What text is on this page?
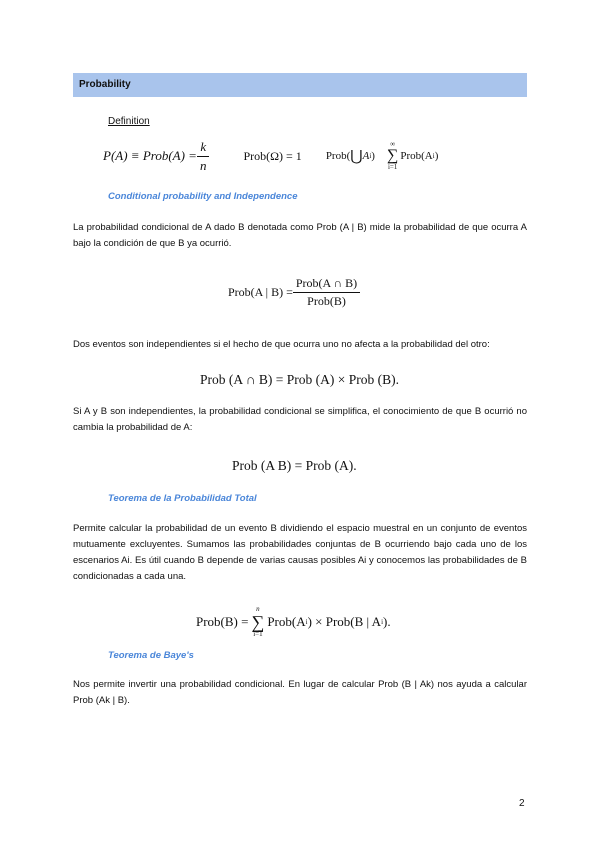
Probability
Definition
P(A) ≡ Prob(A) = $\frac{k}{n}$	Prob(Ω) = 1 Prob( ⋃ A i )
∞
∑
i=1
Prob(A i )
Conditional probability and Independence
La probabilidad condicional de A dado B denotada como Prob (A | B) mide la probabilidad de que ocurra A bajo la condición de que B ya ocurrió.
Prob(A | $B) = \frac{\text{Prob(A ∩ B)}}{\text{Prob(B)}}$
Dos eventos son independientes si el hecho de que ocurra uno no afecta a la probabilidad del otro:
Prob (A ∩ B) = Prob (A) × Prob (B).
Si A y B son independientes, la probabilidad condicional se simplifica, el conocimiento de que B ocurrió no cambia la probabilidad de A:
Prob (A B) = Prob (A).
Teorema de la Probabilidad Total
Permite calcular la probabilidad de un evento B dividiendo el espacio muestral en un conjunto de eventos mutuamente excluyentes. Sumamos las probabilidades conjuntas de B ocurriendo bajo cada uno de los escenarios Ai. Es útil cuando B depende de varias causas posibles Ai y conocemos las probabilidades de B condicionadas a cada una.
Prob(B) =
n
∑
i=1
Prob(A i ) × Prob(B | A i ).
Teorema de Baye's
Nos permite invertir una probabilidad condicional. En lugar de calcular Prob (B | Ak) nos ayuda a calcular Prob (Ak | B).
2
